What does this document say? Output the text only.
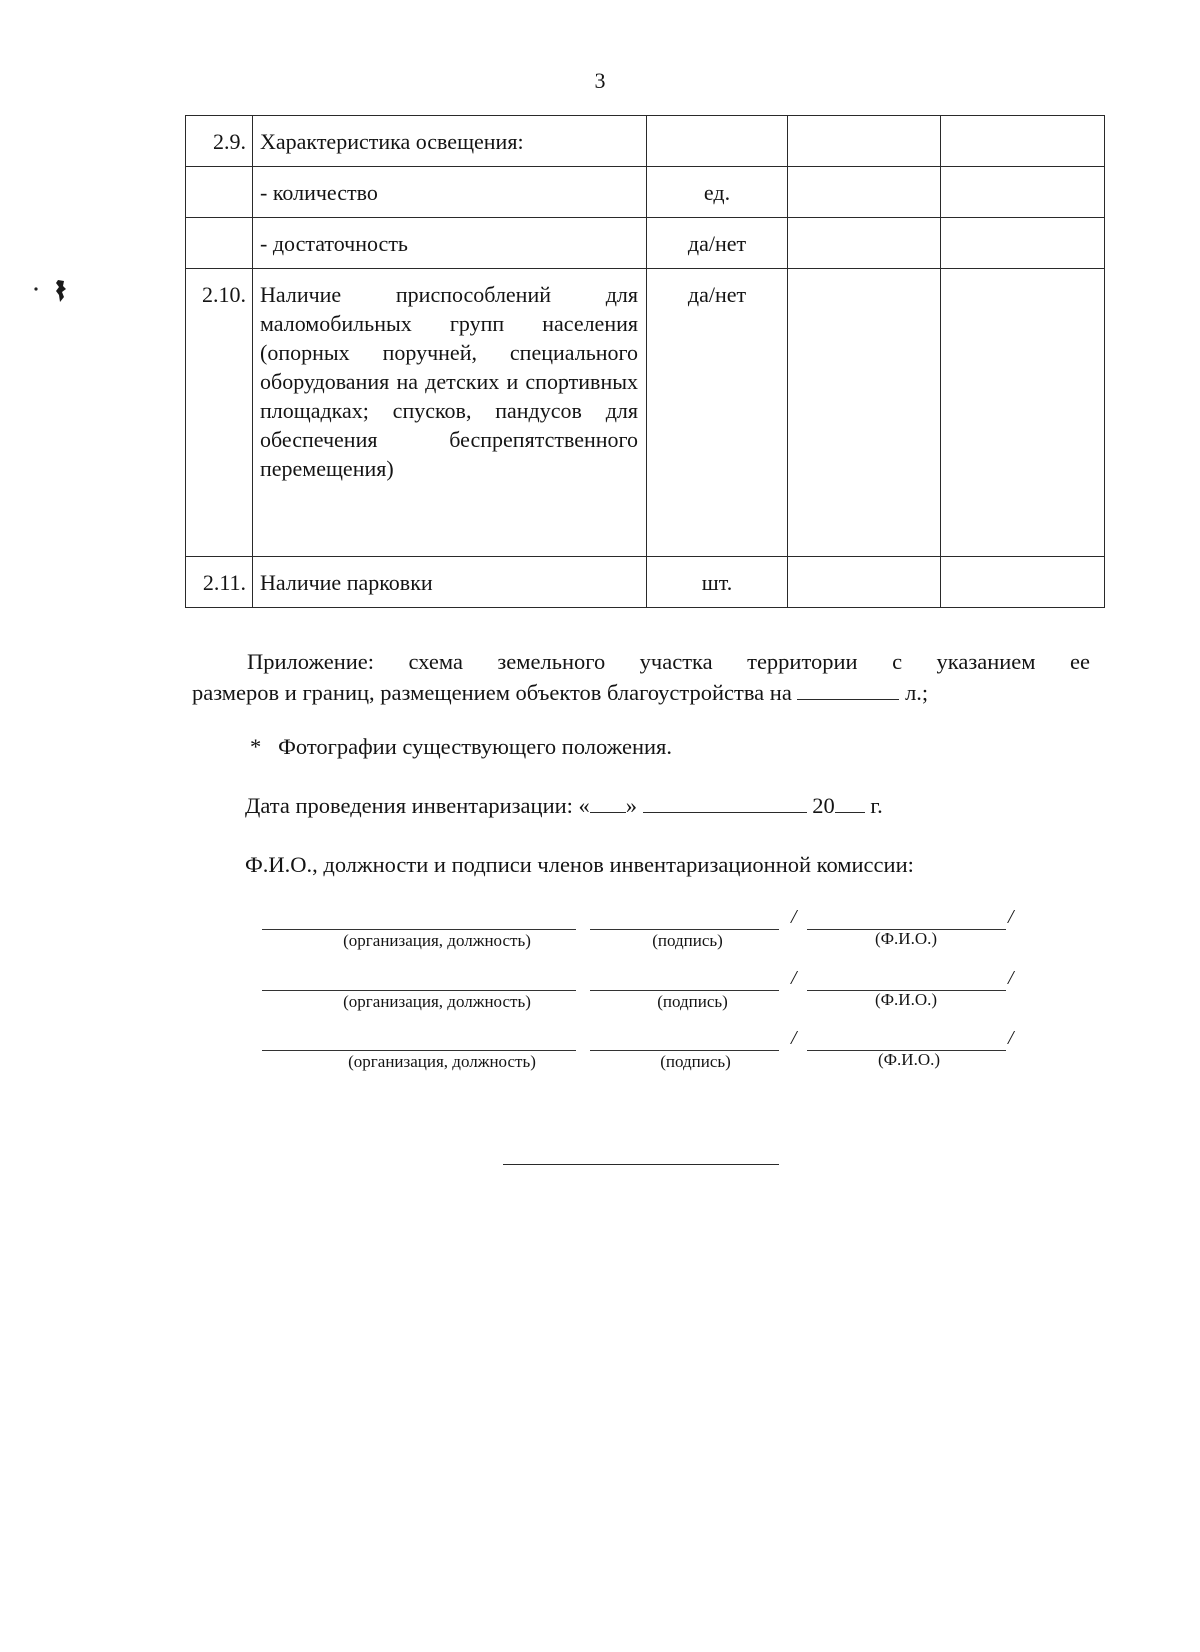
3
2.9.	Характеристика освещения:			
	- количество	ед.		
	- достаточность	да/нет		
2.10.	Наличие приспособлений для маломобильных групп населения (опорных поручней, специального оборудования на детских и спортивных площадках; спусков, пандусов для обеспечения беспрепятственного перемещения)	да/нет		
2.11.	Наличие парковки	шт.		
Приложение: схема земельного участка территории с указанием ее
размеров и границ, размещением объектов благоустройства на	л.;
* Фотографии существующего положения.
Дата проведения инвентаризации: « »	20 г.
Ф.И.О., должности и подписи членов инвентаризационной комиссии:
/	/
(организация, должность)	(подпись)	(Ф.И.О.)
/	/
(организация, должность)	(подпись)	(Ф.И.О.)
/	/
(организация, должность)	(подпись)	(Ф.И.О.)
